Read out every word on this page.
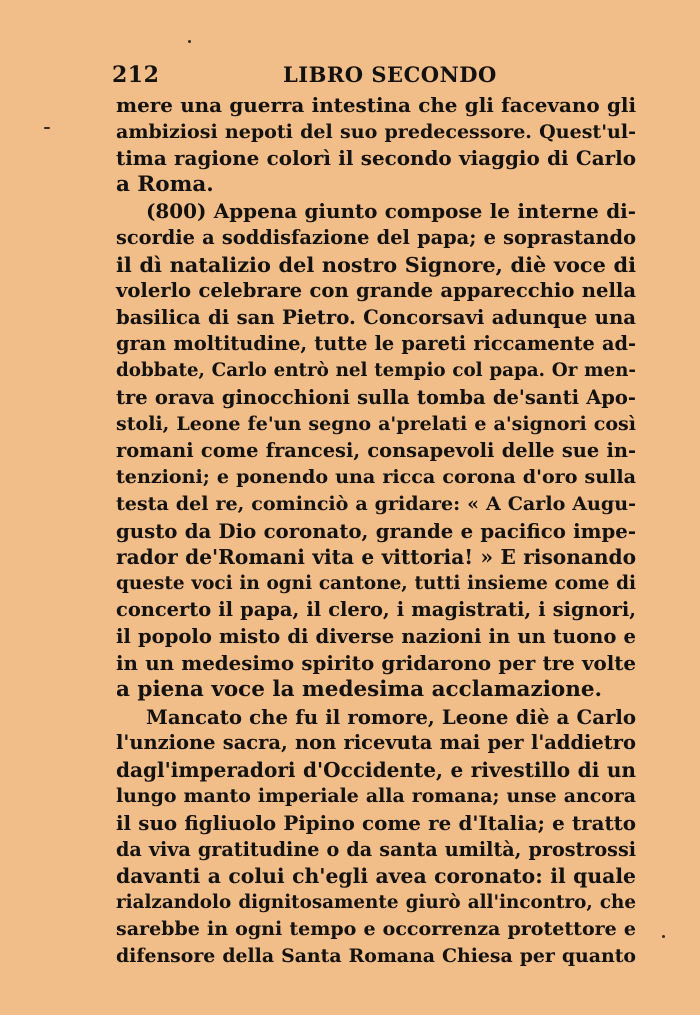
212	LIBRO SECONDO
mere una guerra intestina che gli facevano gli
ambiziosi nepoti del suo predecessore. Quest'ul-
tima ragione colorì il secondo viaggio di Carlo
a Roma.
(800) Appena giunto compose le interne di-
scordie a soddisfazione del papa; e soprastando
il dì natalizio del nostro Signore, diè voce di
volerlo celebrare con grande apparecchio nella
basilica di san Pietro. Concorsavi adunque una
gran moltitudine, tutte le pareti riccamente ad-
dobbate, Carlo entrò nel tempio col papa. Or men-
tre orava ginocchioni sulla tomba de'santi Apo-
stoli, Leone fe'un segno a'prelati e a'signori così
romani come francesi, consapevoli delle sue in-
tenzioni; e ponendo una ricca corona d'oro sulla
testa del re, cominciò a gridare: « A Carlo Augu-
gusto da Dio coronato, grande e pacifico impe-
rador de'Romani vita e vittoria! » E risonando
queste voci in ogni cantone, tutti insieme come di
concerto il papa, il clero, i magistrati, i signori,
il popolo misto di diverse nazioni in un tuono e
in un medesimo spirito gridarono per tre volte
a piena voce la medesima acclamazione.
Mancato che fu il romore, Leone diè a Carlo
l'unzione sacra, non ricevuta mai per l'addietro
dagl'imperadori d'Occidente, e rivestillo di un
lungo manto imperiale alla romana; unse ancora
il suo figliuolo Pipino come re d'Italia; e tratto
da viva gratitudine o da santa umiltà, prostrossi
davanti a colui ch'egli avea coronato: il quale
rialzandolo dignitosamente giurò all'incontro, che
sarebbe in ogni tempo e occorrenza protettore e
difensore della Santa Romana Chiesa per quanto
